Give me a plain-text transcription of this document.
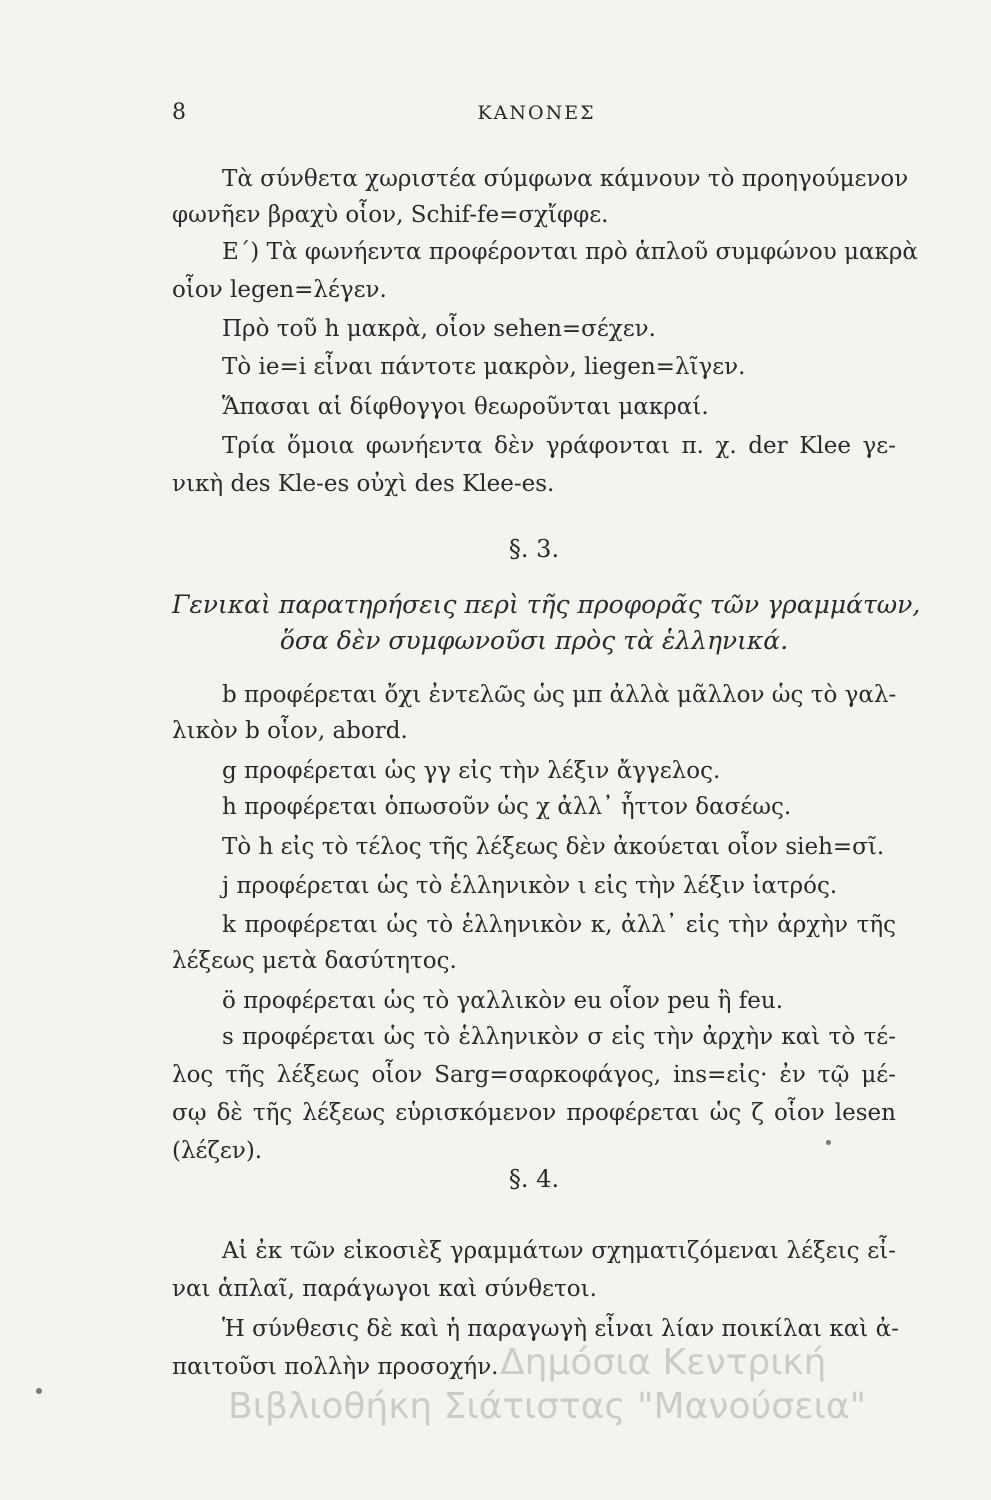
8	ΚΑΝΟΝΕΣ
Τὰ σύνθετα χωριστέα σύμφωνα κάμνουν τὸ προηγούμενον
φωνῆεν βραχὺ οἷον, Schif-fe=σχἴφφε.
Ε΄) Τὰ φωνήεντα προφέρονται πρὸ ἁπλοῦ συμφώνου μακρὰ
οἷον legen=λέγεν.
Πρὸ τοῦ h μακρὰ, οἷον sehen=σέχεν.
Τὸ ie=i εἶναι πάντοτε μακρὸν, liegen=λῖγεν.
Ἅπασαι αἱ δίφθογγοι θεωροῦνται μακραί.
Τρία ὅμοια φωνήεντα δὲν γράφονται π. χ. der Klee γε-
νικὴ des Kle-es οὐχὶ des Klee-es.
§. 3.
Γενικαὶ παρατηρήσεις περὶ τῆς προφορᾶς τῶν γραμμάτων,
ὅσα δὲν συμφωνοῦσι πρὸς τὰ ἑλληνικά.
b προφέρεται ὄχι ἐντελῶς ὡς μπ ἀλλὰ μᾶλλον ὡς τὸ γαλ-
λικὸν b οἷον, abord.
g προφέρεται ὡς γγ εἰς τὴν λέξιν ἄγγελος.
h προφέρεται ὁπωσοῦν ὡς χ ἀλλ᾽ ἧττον δασέως.
Τὸ h εἰς τὸ τέλος τῆς λέξεως δὲν ἀκούεται οἷον sieh=σῖ.
j προφέρεται ὡς τὸ ἑλληνικὸν ι εἰς τὴν λέξιν ἰατρός.
k προφέρεται ὡς τὸ ἑλληνικὸν κ, ἀλλ᾽ εἰς τὴν ἀρχὴν τῆς
λέξεως μετὰ δασύτητος.
ö προφέρεται ὡς τὸ γαλλικὸν eu οἷον peu ἢ feu.
s προφέρεται ὡς τὸ ἑλληνικὸν σ εἰς τὴν ἀρχὴν καὶ τὸ τέ-
λος τῆς λέξεως οἷον Sarg=σαρκοφάγος, ins=εἰς· ἐν τῷ μέ-
σῳ δὲ τῆς λέξεως εὑρισκόμενον προφέρεται ὡς ζ οἷον lesen
(λέζεν).
§. 4.
Αἱ ἐκ τῶν εἰκοσιὲξ γραμμάτων σχηματιζόμεναι λέξεις εἶ-
ναι ἁπλαῖ, παράγωγοι καὶ σύνθετοι.
Ἡ σύνθεσις δὲ καὶ ἡ παραγωγὴ εἶναι λίαν ποικίλαι καὶ ἀ-
παιτοῦσι πολλὴν προσοχήν. Δημόσια Κεντρική
Βιβλιοθήκη Σιάτιστας "Μανούσεια"
